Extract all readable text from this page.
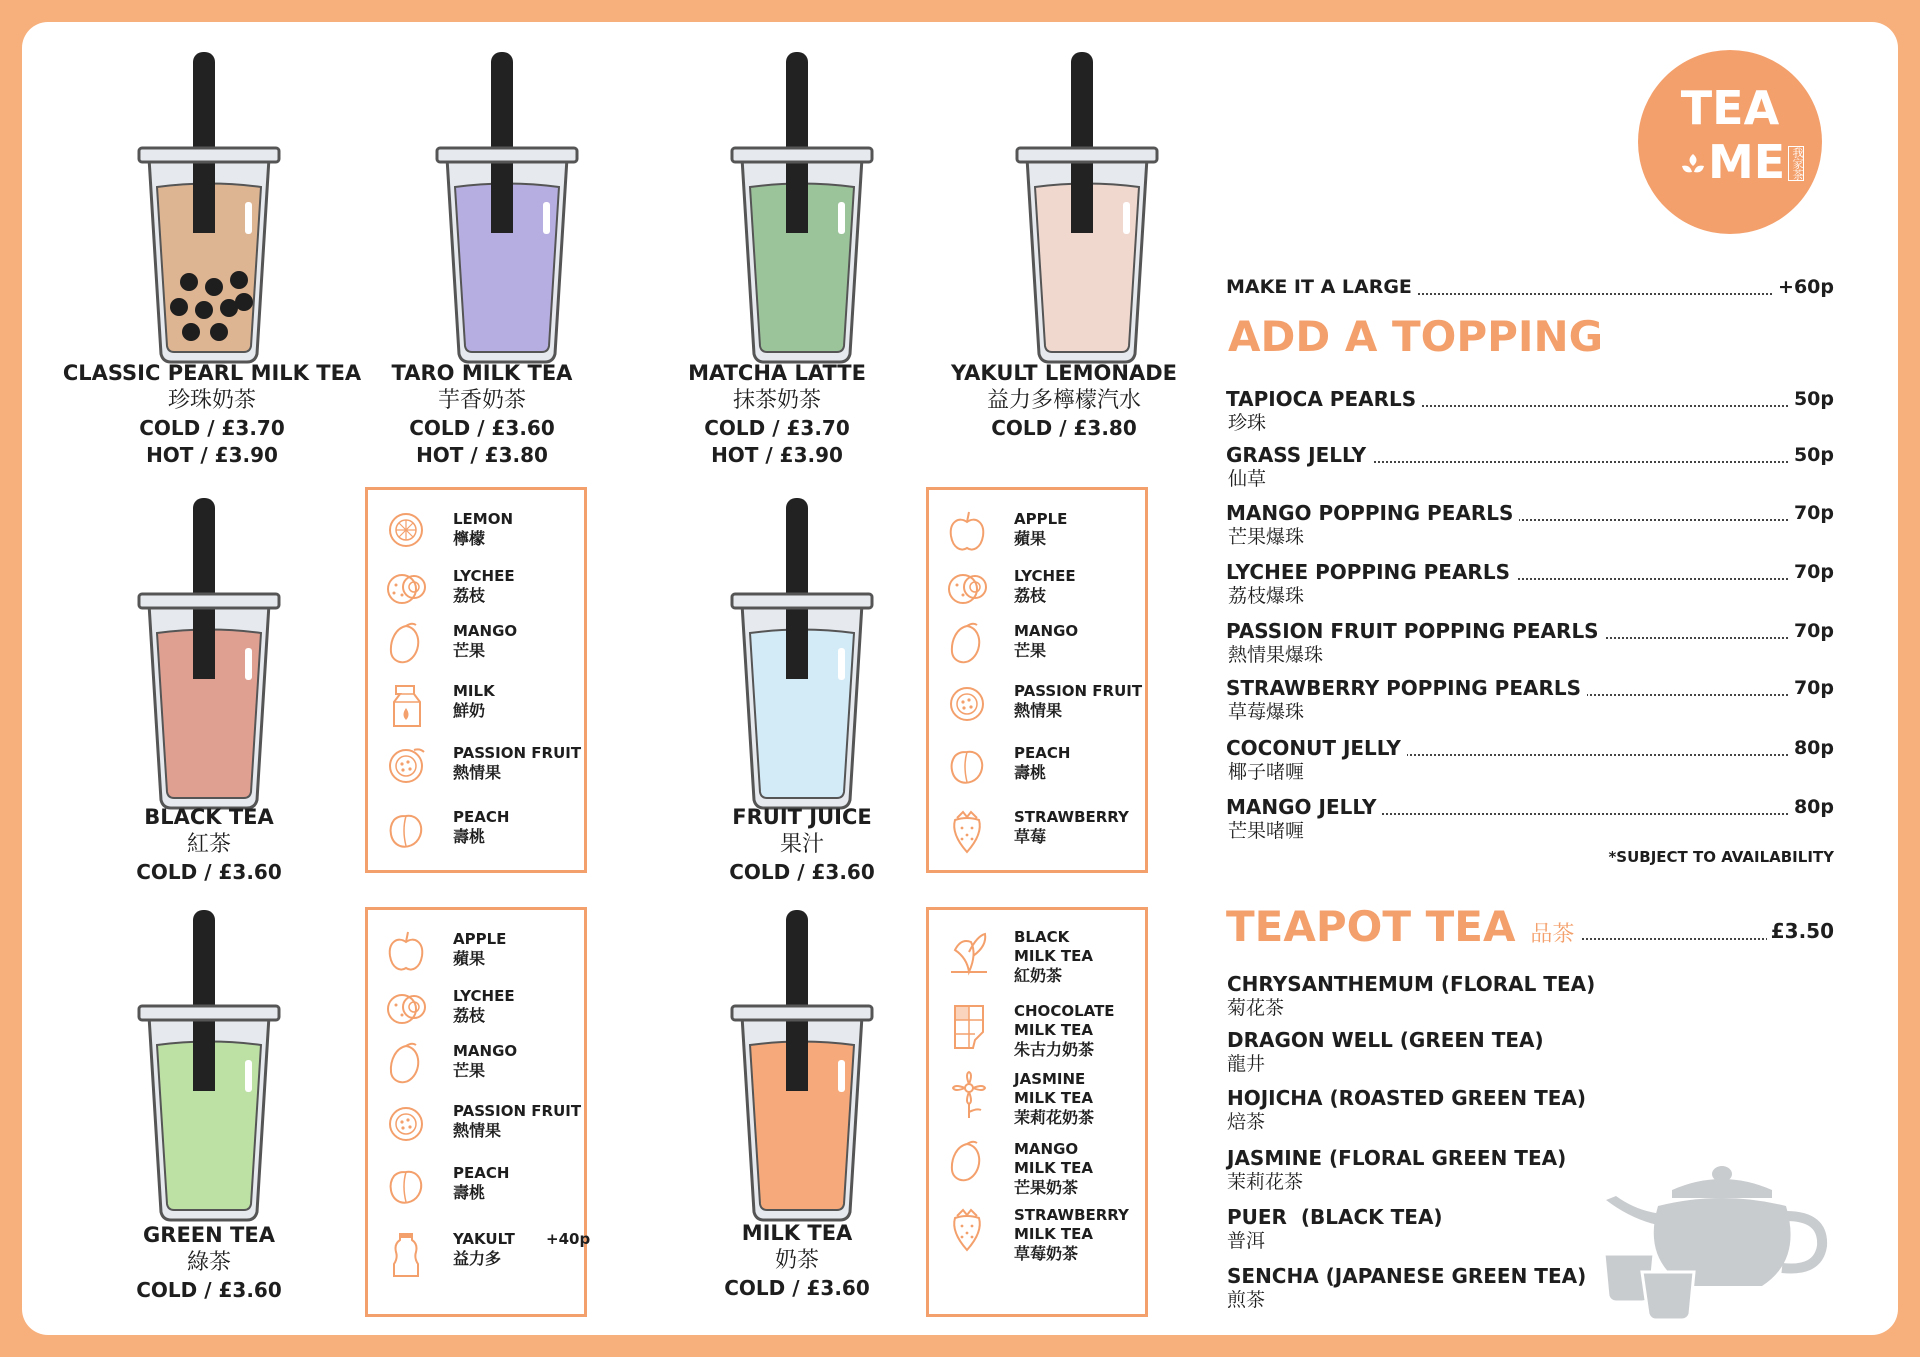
CLASSIC PEARL MILK TEA
珍珠奶茶
COLD / £3.70
HOT / £3.90
TARO MILK TEA
芋香奶茶
COLD / £3.60
HOT / £3.80
MATCHA LATTE
抹茶奶茶
COLD / £3.70
HOT / £3.90
YAKULT LEMONADE
益力多檸檬汽水
COLD / £3.80
BLACK TEA
紅茶
COLD / £3.60
FRUIT JUICE
果汁
COLD / £3.60
GREEN TEA
綠茶
COLD / £3.60
MILK TEA
奶茶
COLD / £3.60
LEMON
檸檬
LYCHEE
荔枝
MANGO
芒果
MILK
鮮奶
PASSION FRUIT
熱情果
PEACH
壽桃
APPLE
蘋果
LYCHEE
荔枝
MANGO
芒果
PASSION FRUIT
熱情果
PEACH
壽桃
STRAWBERRY
草莓
APPLE
蘋果
LYCHEE
荔枝
MANGO
芒果
PASSION FRUIT
熱情果
PEACH
壽桃
YAKULT
益力多
+40p
BLACK
MILK TEA
紅奶茶
CHOCOLATE
MILK TEA
朱古力奶茶
JASMINE
MILK TEA
茉莉花奶茶
MANGO
MILK TEA
芒果奶茶
STRAWBERRY
MILK TEA
草莓奶茶
TEA
ME 我家茶
MAKE IT A LARGE	+60p
ADD A TOPPING
TAPIOCA PEARLS	50p
珍珠
GRASS JELLY	50p
仙草
MANGO POPPING PEARLS	70p
芒果爆珠
LYCHEE POPPING PEARLS	70p
荔枝爆珠
PASSION FRUIT POPPING PEARLS	70p
熱情果爆珠
STRAWBERRY POPPING PEARLS	70p
草莓爆珠
COCONUT JELLY	80p
椰子啫喱
MANGO JELLY	80p
芒果啫喱
*SUBJECT TO AVAILABILITY
TEAPOT TEA 品茶	£3.50
CHRYSANTHEMUM (FLORAL TEA)
菊花茶
DRAGON WELL (GREEN TEA)
龍井
HOJICHA (ROASTED GREEN TEA)
焙茶
JASMINE (FLORAL GREEN TEA)
茉莉花茶
PUER  (BLACK TEA)
普洱
SENCHA (JAPANESE GREEN TEA)
煎茶
